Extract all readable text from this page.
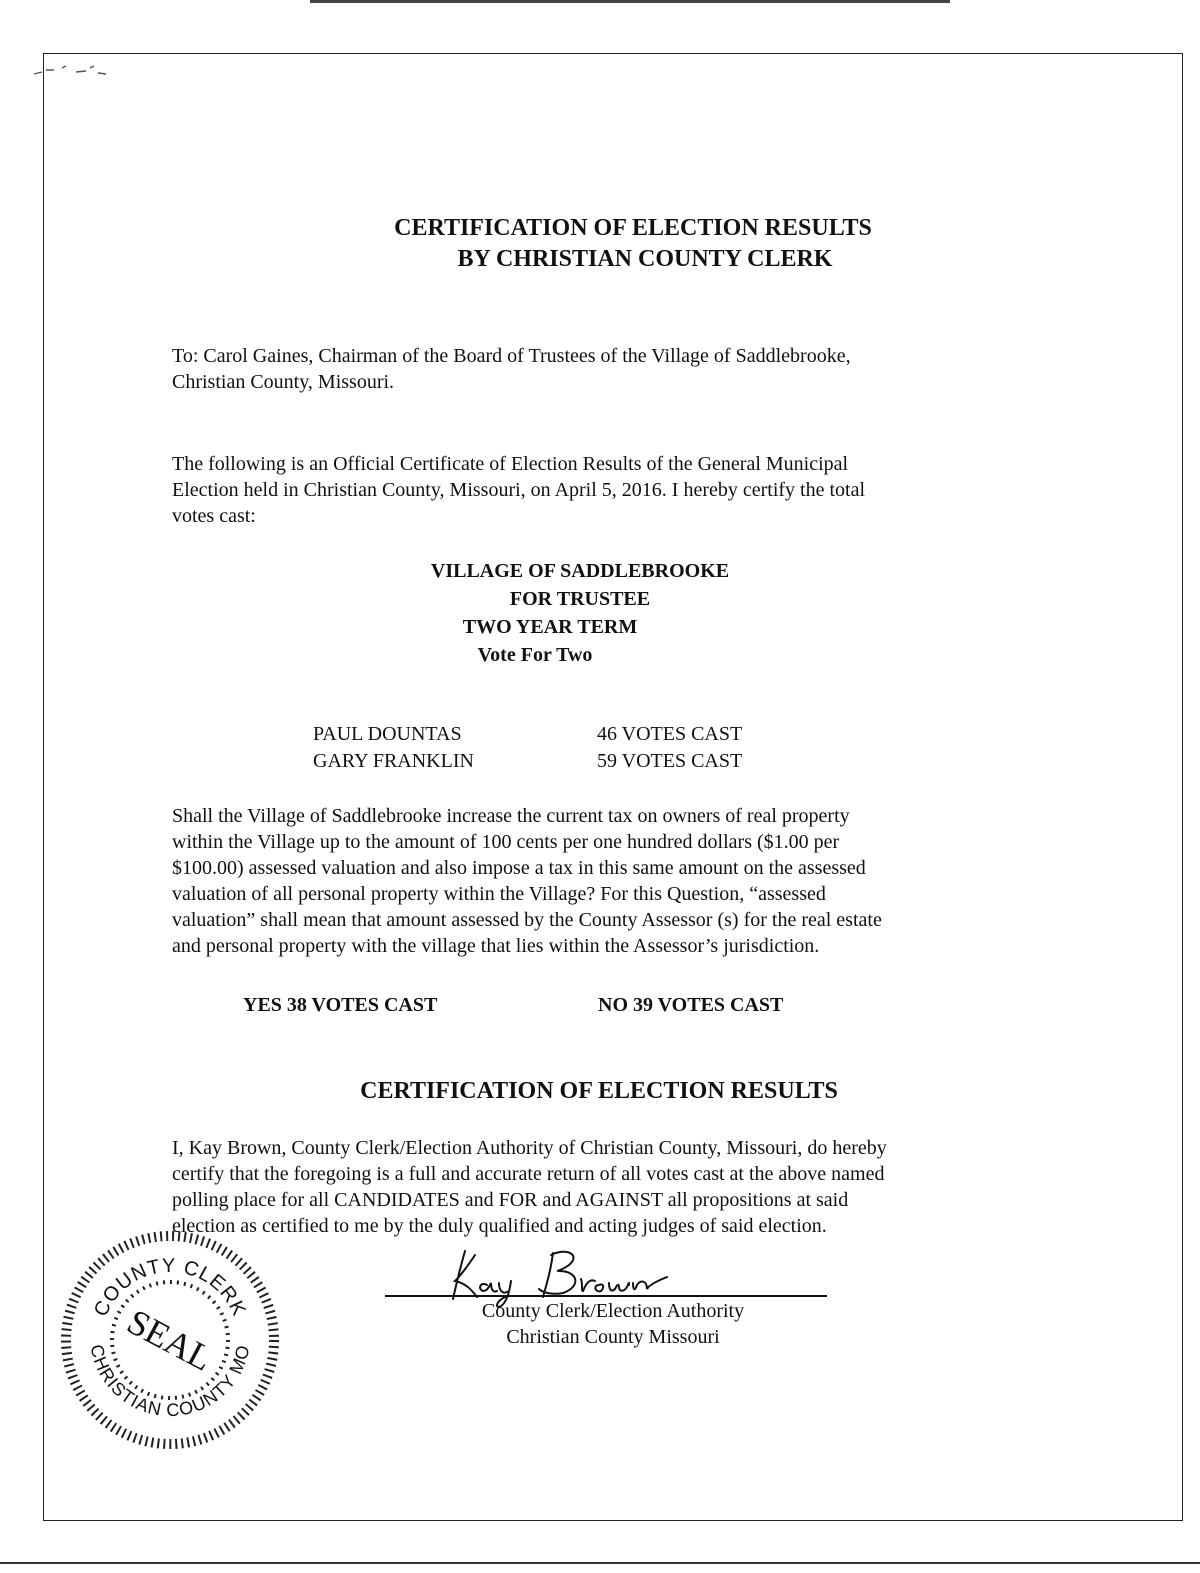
CERTIFICATION OF ELECTION RESULTS
BY CHRISTIAN COUNTY CLERK
To: Carol Gaines, Chairman of the Board of Trustees of the Village of Saddlebrooke,
Christian County, Missouri.
The following is an Official Certificate of Election Results of the General Municipal
Election held in Christian County, Missouri, on April 5, 2016. I hereby certify the total
votes cast:
VILLAGE OF SADDLEBROOKE
FOR TRUSTEE
TWO YEAR TERM
Vote For Two
PAUL DOUNTAS	46 VOTES CAST
GARY FRANKLIN	59 VOTES CAST
Shall the Village of Saddlebrooke increase the current tax on owners of real property
within the Village up to the amount of 100 cents per one hundred dollars ($1.00 per
$100.00) assessed valuation and also impose a tax in this same amount on the assessed
valuation of all personal property within the Village? For this Question, “assessed
valuation” shall mean that amount assessed by the County Assessor (s) for the real estate
and personal property with the village that lies within the Assessor’s jurisdiction.
YES 38 VOTES CAST	NO 39 VOTES CAST
CERTIFICATION OF ELECTION RESULTS
I, Kay Brown, County Clerk/Election Authority of Christian County, Missouri, do hereby
certify that the foregoing is a full and accurate return of all votes cast at the above named
polling place for all CANDIDATES and FOR and AGAINST all propositions at said
election as certified to me by the duly qualified and acting judges of said election.
County Clerk/Election Authority
Christian County Missouri
COUNTY CLERK
CHRISTIAN COUNTY MO
SEAL
